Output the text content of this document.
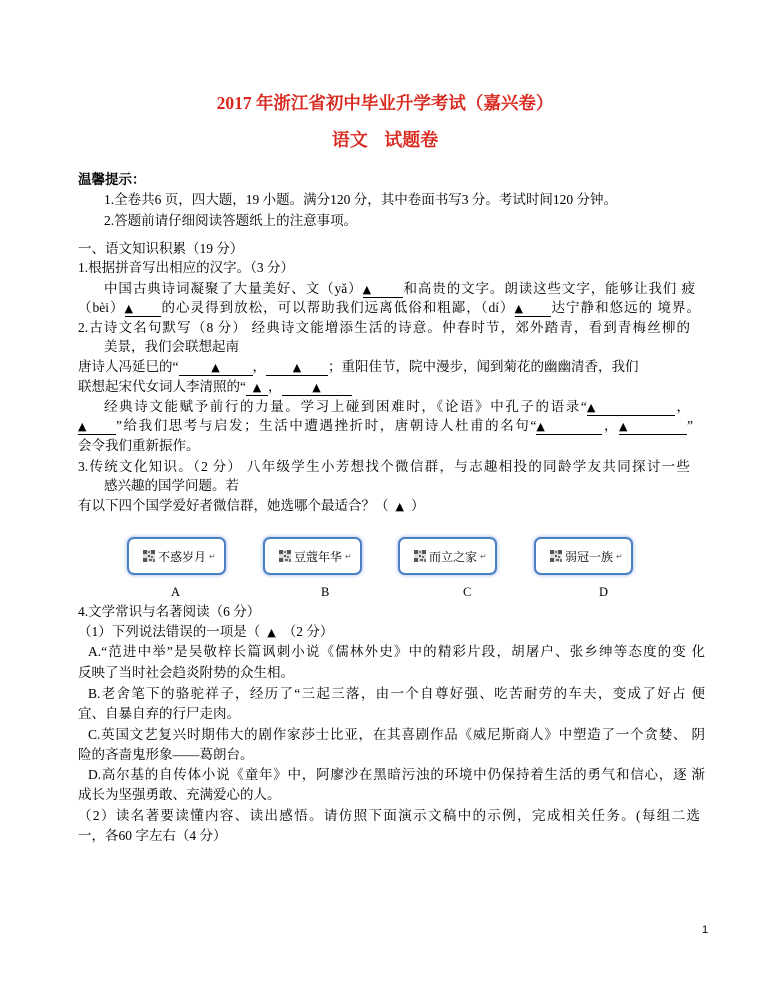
2017 年浙江省初中毕业升学考试（嘉兴卷）
语文 试题卷
温馨提示：
1.全卷共6 页，四大题，19 小题。满分120 分，其中卷面书写3 分。考试时间120 分钟。
2.答题前请仔细阅读答题纸上的注意事项。
一、语文知识积累（19 分）
1.根据拼音写出相应的汉字。（3 分）
中国古典诗词凝聚了大量美好、文（yǎ）▲ 和高贵的文字。朗读这些文字，能够让我们 疲
（bèi）▲ 的心灵得到放松，可以帮助我们远离低俗和粗鄙，（dí）▲ 达宁静和悠远的 境界。
2.古诗文名句默写（8 分） 经典诗文能增添生活的诗意。仲春时节，郊外踏青，看到青梅丝柳的
美景，我们会联想起南
唐诗人冯延巳的“	▲ ， ▲ ；重阳佳节，院中漫步，闻到菊花的幽幽清香，我们
联想起宋代女词人李清照的“ ▲ ，	▲
经典诗文能赋予前行的力量。学习上碰到困难时，《论语》中孔子的语录“▲	，
▲ ”给我们思考与启发；生活中遭遇挫折时，唐朝诗人杜甫的名句“▲	，▲	”
会令我们重新振作。
3.传统文化知识。（2 分） 八年级学生小芳想找个微信群，与志趣相投的同龄学友共同探讨一些
感兴趣的国学问题。若
有以下四个国学爱好者微信群，她选哪个最适合？（ ▲ ）
不惑岁月 ↵	豆蔻年华 ↵	而立之家 ↵	弱冠一族 ↵
A	B	C	D
4.文学常识与名著阅读（6 分）
（1）下列说法错误的一项是（ ▲ （2 分）
A.“范进中举”是吴敬梓长篇讽刺小说《儒林外史》中的精彩片段，胡屠户、张乡绅等态度的变 化
反映了当时社会趋炎附势的众生相。
B.老舍笔下的骆驼祥子，经历了“三起三落，由一个自尊好强、吃苦耐劳的车夫，变成了好占 便
宜、自暴自弃的行尸走肉。
C.英国文艺复兴时期伟大的剧作家莎士比亚，在其喜剧作品《威尼斯商人》中塑造了一个贪婪、 阴
险的吝啬鬼形象——葛朗台。
D.高尔基的自传体小说《童年》中，阿廖沙在黑暗污浊的环境中仍保持着生活的勇气和信心，逐 渐
成长为坚强勇敢、充满爱心的人。
（2）读名著要读懂内容、读出感悟。请仿照下面演示文稿中的示例，完成相关任务。(每组二选
一，各60 字左右（4 分）
1
